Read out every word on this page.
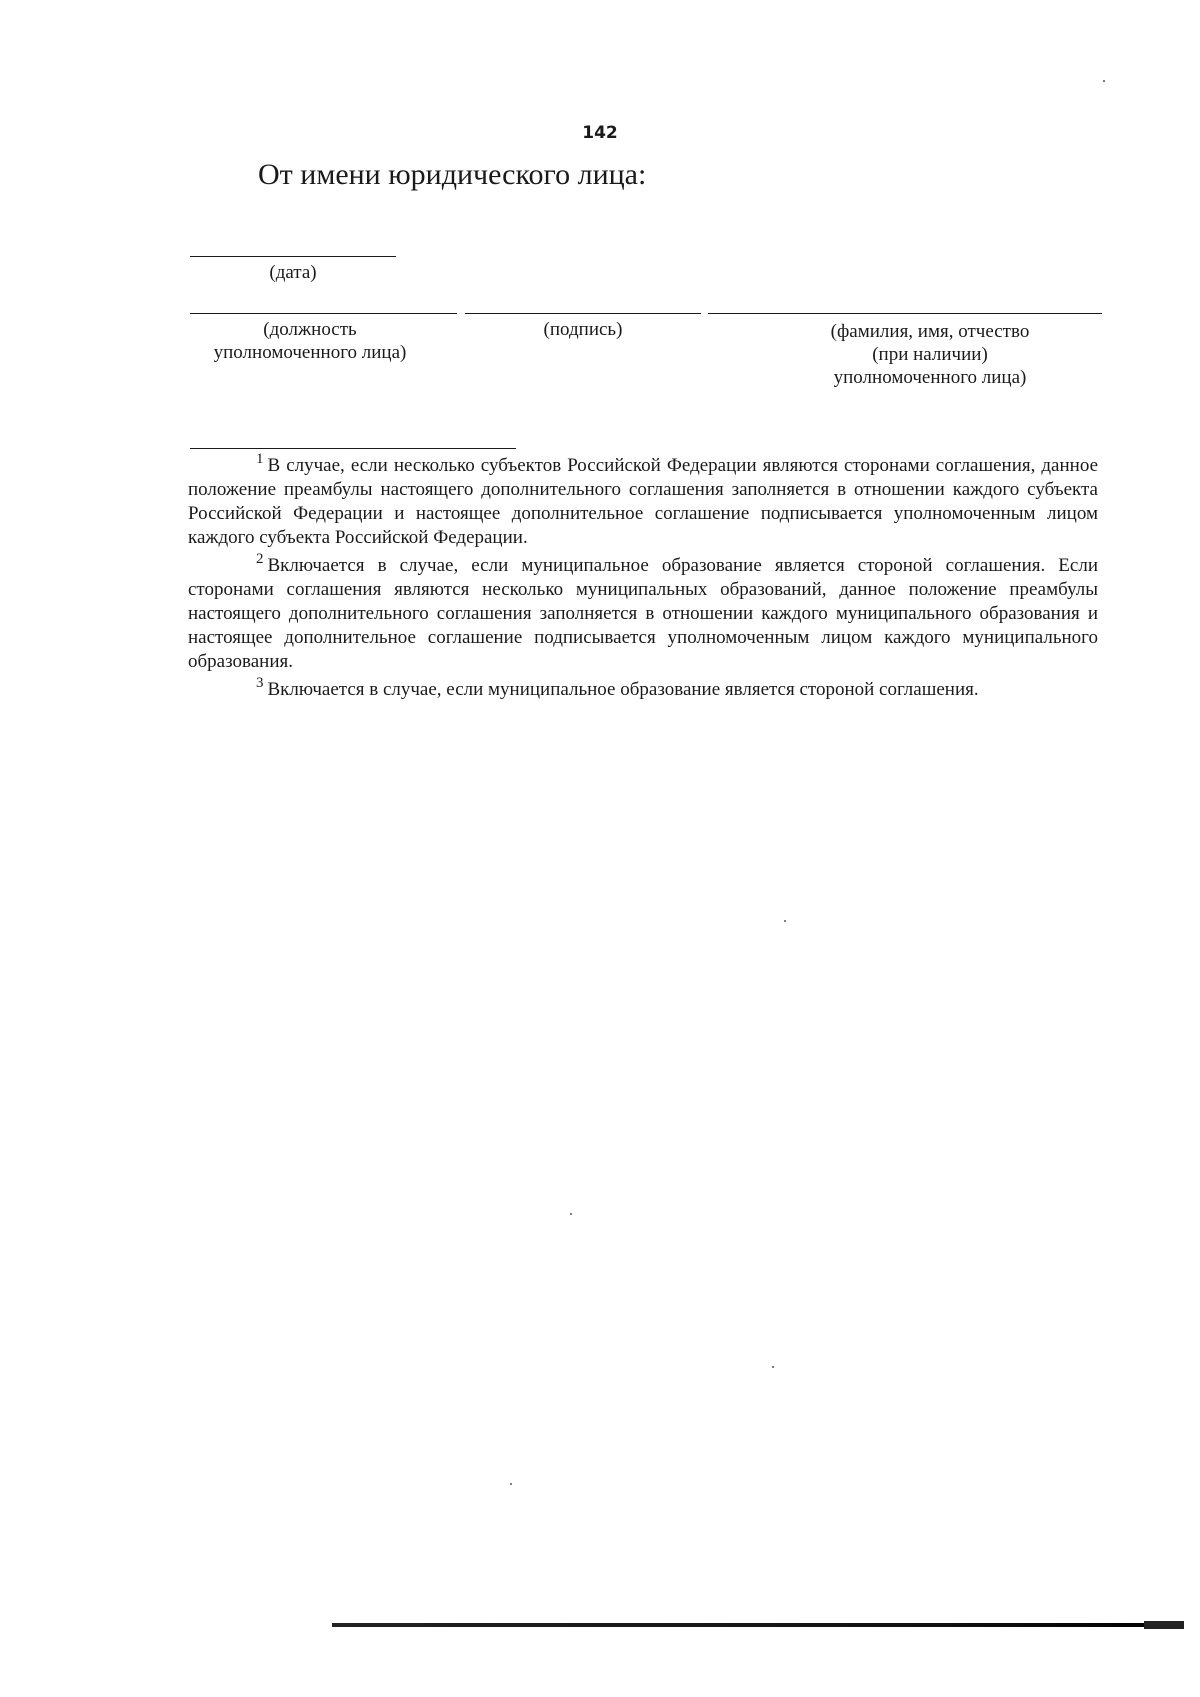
142
От имени юридического лица:
(дата)
(должность уполномоченного лица)
(подпись)	(фамилия, имя, отчество
(при наличии)
уполномоченного лица)

$^1$ В случае, если несколько субъектов Российской Федерации являются сторонами соглашения, данное положение преамбулы настоящего дополнительного соглашения заполняется в отношении каждого субъекта Российской Федерации и настоящее дополнительное соглашение подписывается уполномоченным лицом каждого субъекта Российской Федерации.

$^2$ Включается в случае, если муниципальное образование является стороной соглашения. Если сторонами соглашения являются несколько муниципальных образований, данное положение преамбулы настоящего дополнительного соглашения заполняется в отношении каждого муниципального образования и настоящее дополнительное соглашение подписывается уполномоченным лицом каждого муниципального образования.

$^3$ Включается в случае, если муниципальное образование является стороной соглашения.
